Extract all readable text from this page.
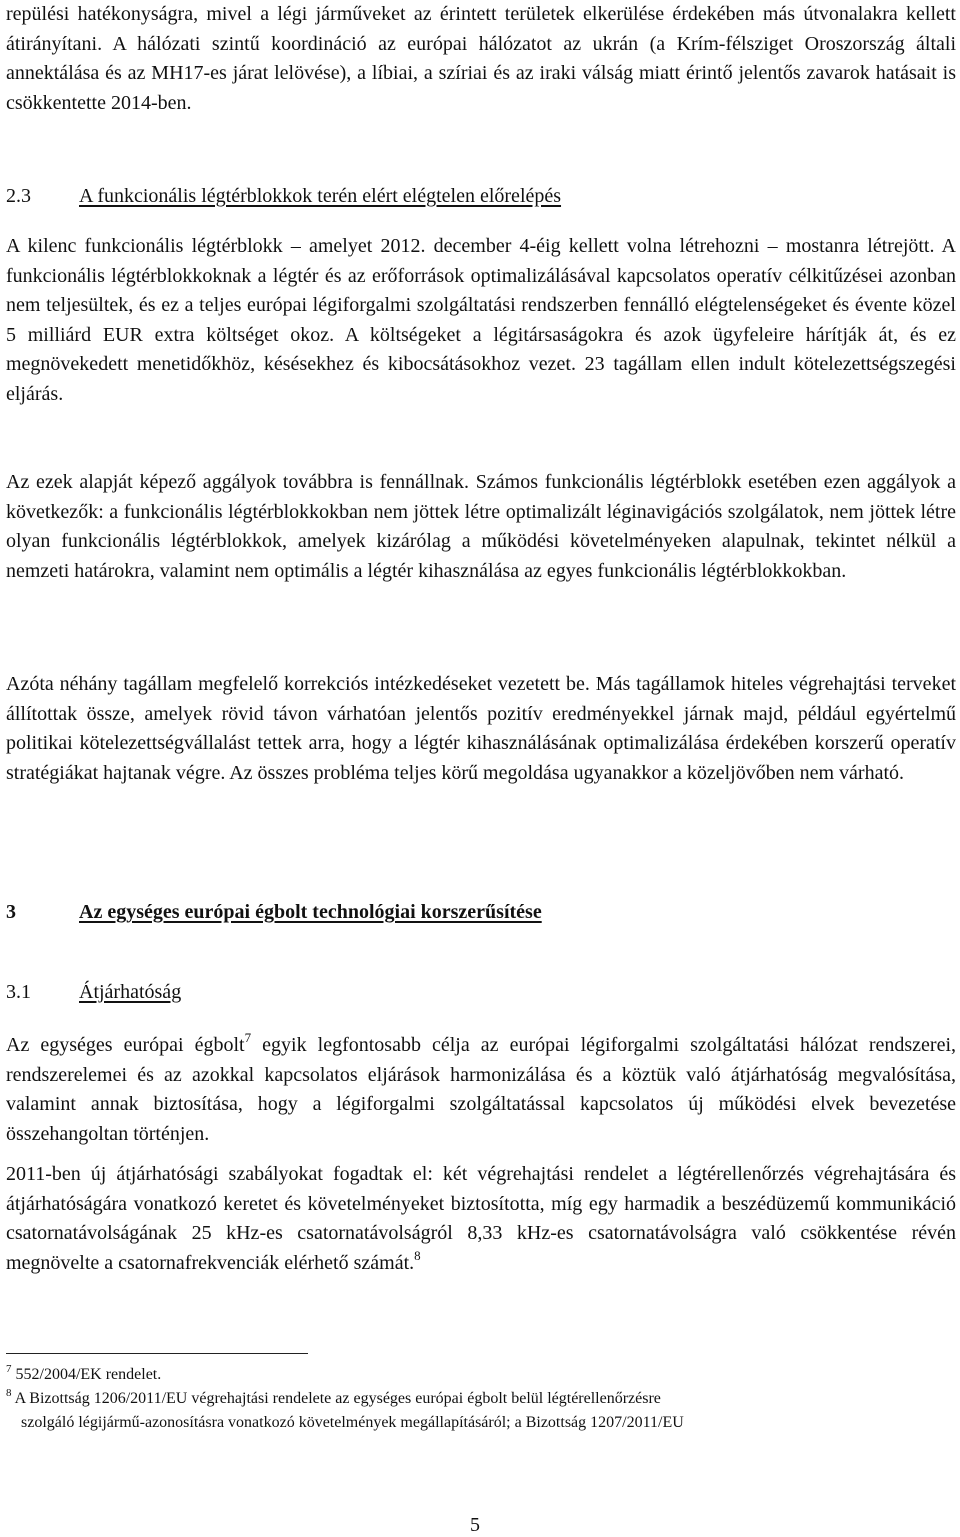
repülési hatékonyságra, mivel a légi járműveket az érintett területek elkerülése érdekében más útvonalakra kellett átirányítani. A hálózati szintű koordináció az európai hálózatot az ukrán (a Krím-félsziget Oroszország általi annektálása és az MH17-es járat lelövése), a líbiai, a szíriai és az iraki válság miatt érintő jelentős zavarok hatásait is csökkentette 2014-ben.

2.3 A funkcionális légtérblokkok terén elért elégtelen előrelépés

A kilenc funkcionális légtérblokk – amelyet 2012. december 4-éig kellett volna létrehozni – mostanra létrejött. A funkcionális légtérblokkoknak a légtér és az erőforrások optimalizálásával kapcsolatos operatív célkitűzései azonban nem teljesültek, és ez a teljes európai légiforgalmi szolgáltatási rendszerben fennálló elégtelenségeket és évente közel 5 milliárd EUR extra költséget okoz. A költségeket a légitársaságokra és azok ügyfeleire hárítják át, és ez megnövekedett menetidőkhöz, késésekhez és kibocsátásokhoz vezet. 23 tagállam ellen indult kötelezettségszegési eljárás.

Az ezek alapját képező aggályok továbbra is fennállnak. Számos funkcionális légtérblokk esetében ezen aggályok a következők: a funkcionális légtérblokkokban nem jöttek létre optimalizált léginavigációs szolgálatok, nem jöttek létre olyan funkcionális légtérblokkok, amelyek kizárólag a működési követelményeken alapulnak, tekintet nélkül a nemzeti határokra, valamint nem optimális a légtér kihasználása az egyes funkcionális légtérblokkokban.

Azóta néhány tagállam megfelelő korrekciós intézkedéseket vezetett be. Más tagállamok hiteles végrehajtási terveket állítottak össze, amelyek rövid távon várhatóan jelentős pozitív eredményekkel járnak majd, például egyértelmű politikai kötelezettségvállalást tettek arra, hogy a légtér kihasználásának optimalizálása érdekében korszerű operatív stratégiákat hajtanak végre. Az összes probléma teljes körű megoldása ugyanakkor a közeljövőben nem várható.

3	Az egységes európai égbolt technológiai korszerűsítése
3.1 Átjárhatóság

Az egységes európai égbolt$^7$ egyik legfontosabb célja az európai légiforgalmi szolgáltatási hálózat rendszerei, rendszerelemei és az azokkal kapcsolatos eljárások harmonizálása és a köztük való átjárhatóság megvalósítása, valamint annak biztosítása, hogy a légiforgalmi szolgáltatással kapcsolatos új működési elvek bevezetése összehangoltan történjen.

2011-ben új átjárhatósági szabályokat fogadtak el: két végrehajtási rendelet a légtérellenőrzés végrehajtására és átjárhatóságára vonatkozó keretet és követelményeket biztosította, míg egy harmadik a beszédüzemű kommunikáció csatornatávolságának 25 kHz-es csatornatávolságról 8,33 kHz-es csatornatávolságra való csökkentése révén megnövelte a csatornafrekvenciák elérhető számát.$^8$

$^7$ 552/2004/EK rendelet.
$^8$ A Bizottság 1206/2011/EU végrehajtási rendelete az egységes európai égbolt belül légtérellenőrzésre
szolgáló légijármű-azonosításra vonatkozó követelmények megállapításáról; a Bizottság 1207/2011/EU
5
